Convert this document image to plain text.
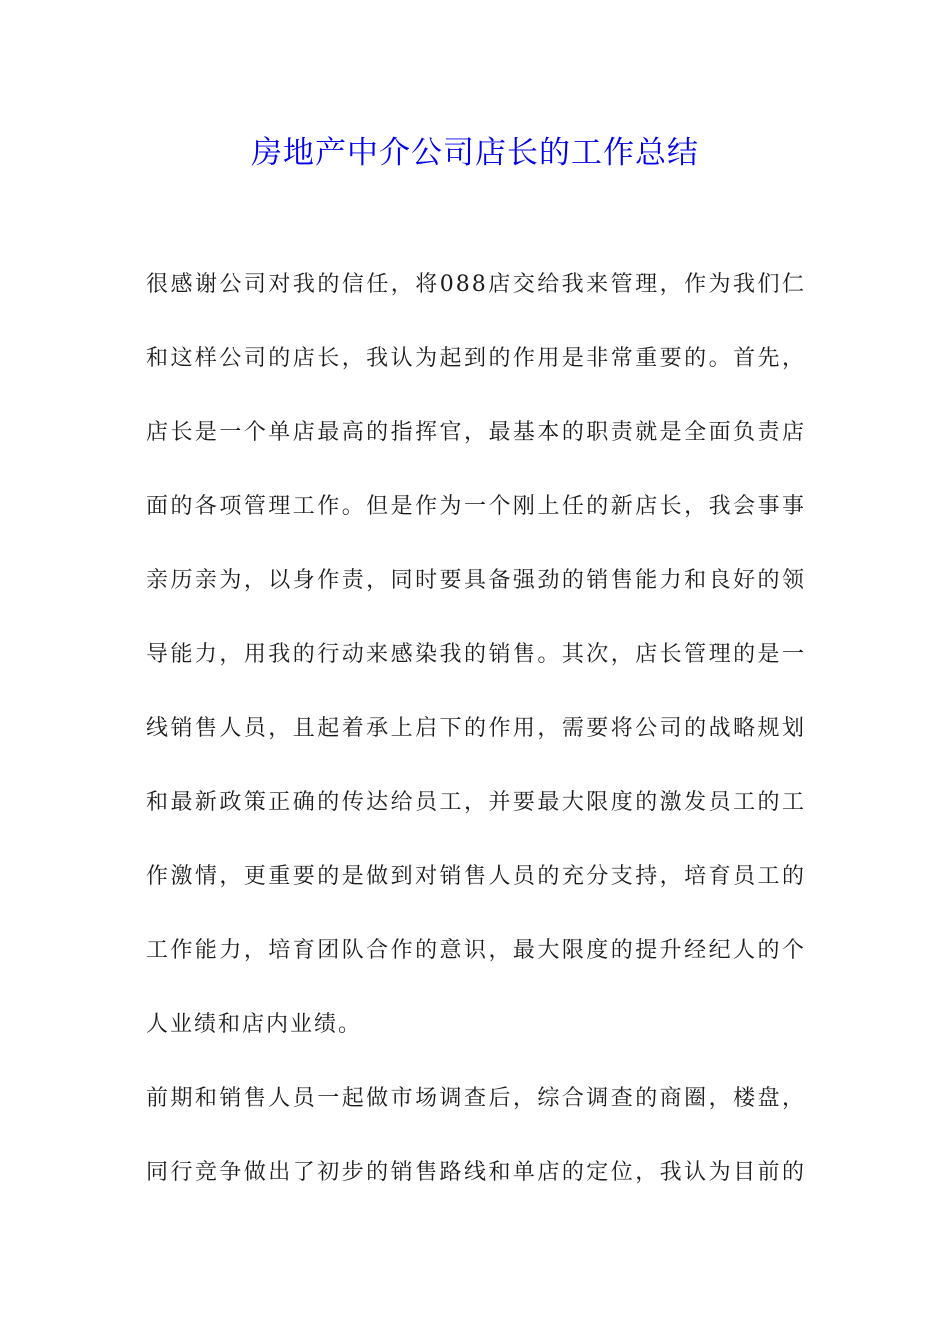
房地产中介公司店长的工作总结
很感谢公司对我的信任，将088店交给我来管理，作为我们仁
和这样公司的店长，我认为起到的作用是非常重要的。首先，
店长是一个单店最高的指挥官，最基本的职责就是全面负责店
面的各项管理工作。但是作为一个刚上任的新店长，我会事事
亲历亲为，以身作责，同时要具备强劲的销售能力和良好的领
导能力，用我的行动来感染我的销售。其次，店长管理的是一
线销售人员，且起着承上启下的作用，需要将公司的战略规划
和最新政策正确的传达给员工，并要最大限度的激发员工的工
作激情，更重要的是做到对销售人员的充分支持，培育员工的
工作能力，培育团队合作的意识，最大限度的提升经纪人的个
人业绩和店内业绩。
前期和销售人员一起做市场调查后，综合调查的商圈，楼盘，
同行竞争做出了初步的销售路线和单店的定位，我认为目前的
